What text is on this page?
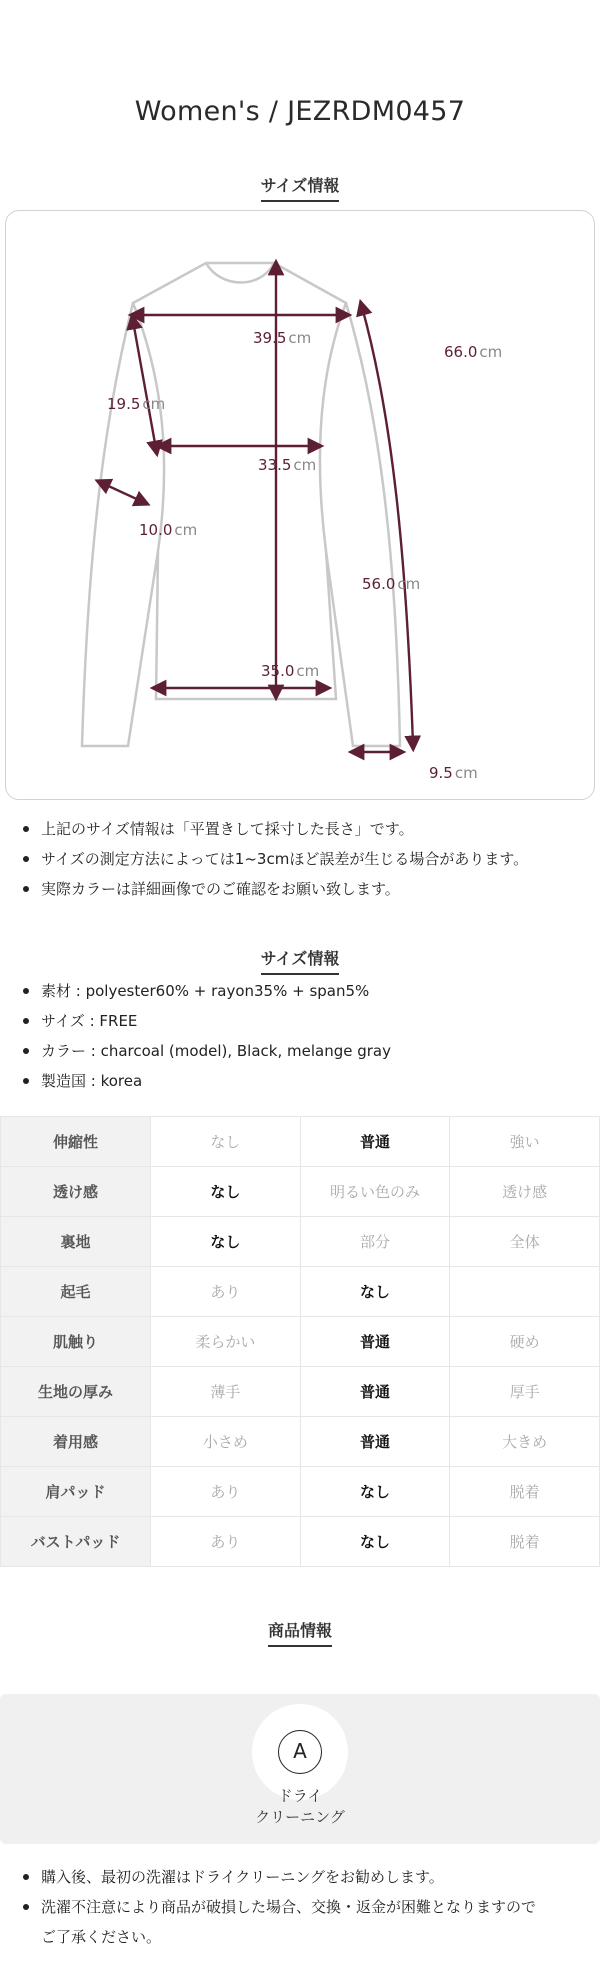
Women's / JEZRDM0457
サイズ情報
39.5 cm
66.0 cm
19.5 cm
33.5 cm
10.0 cm
56.0 cm
35.0 cm
9.5 cm
上記のサイズ情報は「平置きして採寸した長さ」です。
サイズの測定方法によっては1~3cmほど誤差が生じる場合があります。
実際カラーは詳細画像でのご確認をお願い致します。
サイズ情報
素材 : polyester60% + rayon35% + span5%
サイズ : FREE
カラー : charcoal (model), Black, melange gray
製造国 : korea
伸縮性	なし	普通	強い
透け感	なし	明るい色のみ	透け感
裏地	なし	部分	全体
起毛	あり	なし	
肌触り	柔らかい	普通	硬め
生地の厚み	薄手	普通	厚手
着用感	小さめ	普通	大きめ
肩パッド	あり	なし	脱着
バストパッド	あり	なし	脱着
商品情報
A
ドライ
クリーニング
購入後、最初の洗濯はドライクリーニングをお勧めします。
洗濯不注意により商品が破損した場合、交換・返金が困難となりますので
ご了承ください。
